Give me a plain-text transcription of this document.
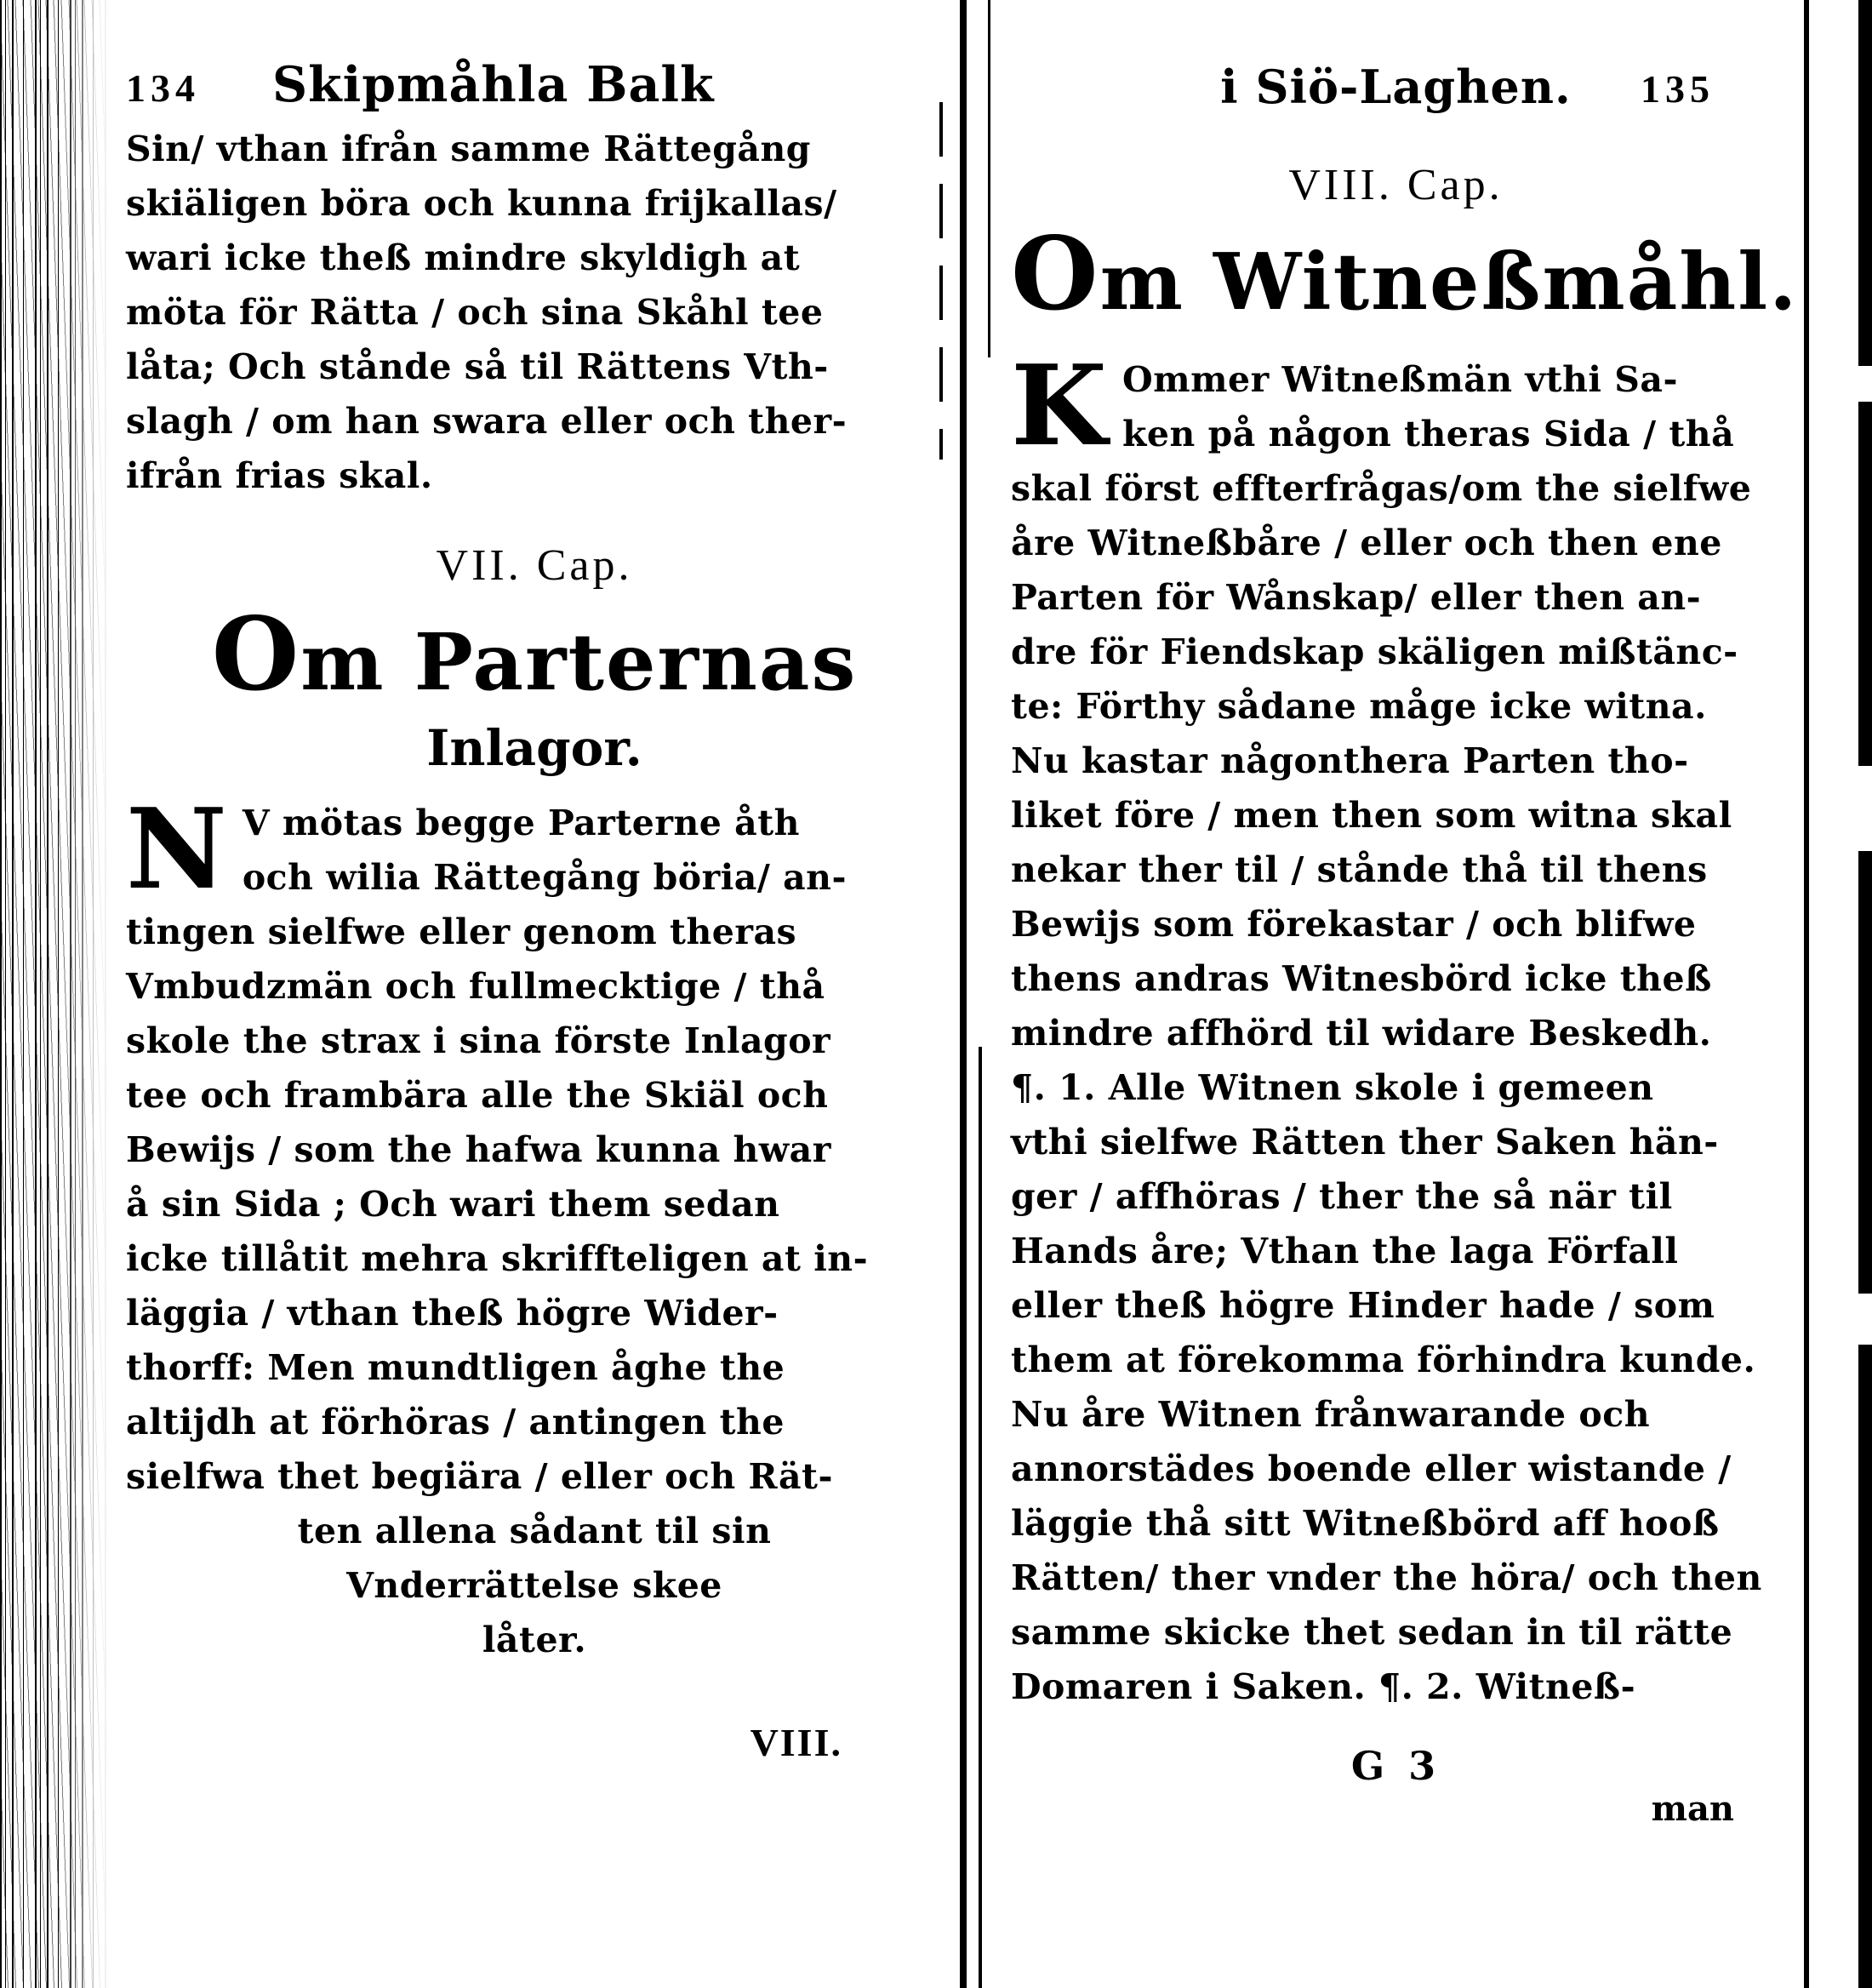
134 Skipmåhla Balk
Sin/ vthan ifrån samme Rättegång
skiäligen böra och kunna frijkallas/
wari icke theß mindre skyldigh at
möta för Rätta / och sina Skåhl tee
låta; Och stånde så til Rättens Vth-
slagh / om han swara eller och ther-
ifrån frias skal.
VII. Cap.
Om Parternas
Inlagor.
N V mötas begge Parterne åth
och wilia Rättegång böria/ an-
tingen sielfwe eller genom theras
Vmbudzmän och fullmecktige / thå
skole the strax i sina förste Inlagor
tee och frambära alle the Skiäl och
Bewijs / som the hafwa kunna hwar
å sin Sida ; Och wari them sedan
icke tillåtit mehra skriffteligen at in-
läggia / vthan theß högre Wider-
thorff: Men mundtligen åghe the
altijdh at förhöras / antingen the
sielfwa thet begiära / eller och Rät-
ten allena sådant til sin
Vnderrättelse skee
låter.
VIII.
i Siö-Laghen. 135
VIII. Cap.
Om Witneßmåhl.
K Ommer Witneßmän vthi Sa-
ken på någon theras Sida / thå
skal först effterfrågas/om the sielfwe
åre Witneßbåre / eller och then ene
Parten för Wånskap/ eller then an-
dre för Fiendskap skäligen mißtänc-
te: Förthy sådane måge icke witna.
Nu kastar någonthera Parten tho-
liket före / men then som witna skal
nekar ther til / stånde thå til thens
Bewijs som förekastar / och blifwe
thens andras Witnesbörd icke theß
mindre affhörd til widare Beskedh.
¶. 1. Alle Witnen skole i gemeen
vthi sielfwe Rätten ther Saken hän-
ger / affhöras / ther the så när til
Hands åre; Vthan the laga Förfall
eller theß högre Hinder hade / som
them at förekomma förhindra kunde.
Nu åre Witnen frånwarande och
annorstädes boende eller wistande /
läggie thå sitt Witneßbörd aff hooß
Rätten/ ther vnder the höra/ och then
samme skicke thet sedan in til rätte
Domaren i Saken. ¶. 2. Witneß-
G 3
man
